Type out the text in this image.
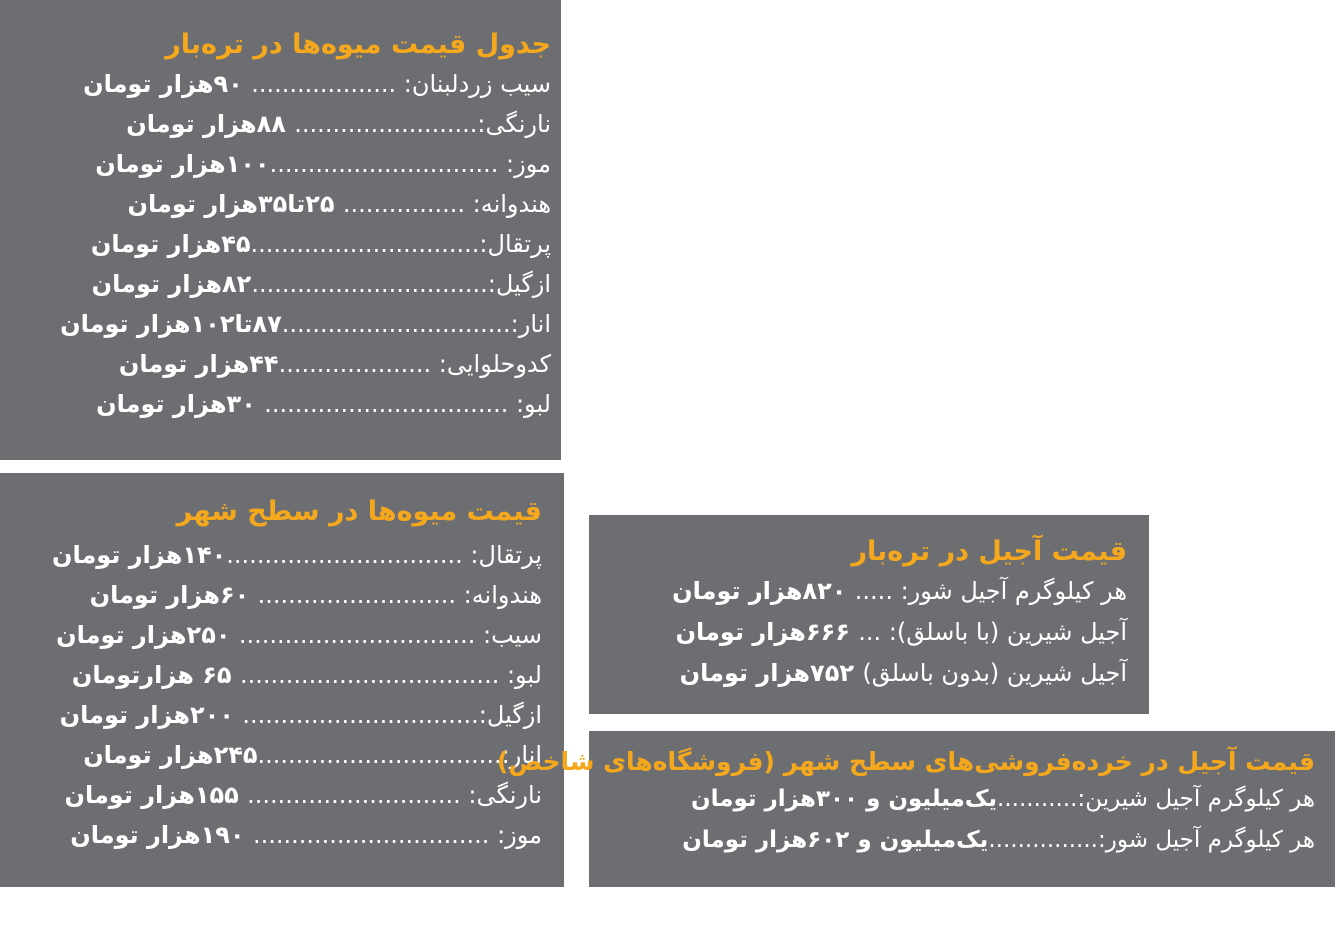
جدول قیمت میوه‌ها در تره‌بار
سیب زردلبنان: ................... ۹۰هزار تومان
نارنگی:........................ ۸۸هزار تومان
موز: ..............................۱۰۰هزار تومان
هندوانه: ................ ۲۵تا۳۵هزار تومان
پرتقال:..............................۴۵هزار تومان
ازگیل:...............................۸۲هزار تومان
انار:..............................۸۷تا۱۰۲هزار تومان
کدوحلوایی: ....................۴۴هزار تومان
لبو: ................................ ۳۰هزار تومان
قیمت میوه‌ها در سطح شهر
پرتقال: ...............................۱۴۰هزار تومان
هندوانه: .......................... ۶۰هزار تومان
سیب: ............................... ۲۵۰هزار تومان
لبو: .................................. ۶۵ هزارتومان
ازگیل:............................... ۲۰۰هزار تومان
انار:................................۲۴۵هزار تومان
نارنگی: ............................ ۱۵۵هزار تومان
موز: ............................... ۱۹۰هزار تومان
قیمت آجیل در تره‌بار
هر کیلوگرم آجیل شور: ..... ۸۲۰هزار تومان
آجیل شیرین (با باسلق): ... ۶۶۶هزار تومان
آجیل شیرین (بدون باسلق) ۷۵۲هزار تومان
قیمت آجیل در خرده‌فروشی‌های سطح شهر (فروشگاه‌های شاخص)
هر کیلوگرم آجیل شیرین:...........یک‌میلیون و ۳۰۰هزار تومان
هر کیلوگرم آجیل شور:...............یک‌میلیون و ۶۰۲هزار تومان
